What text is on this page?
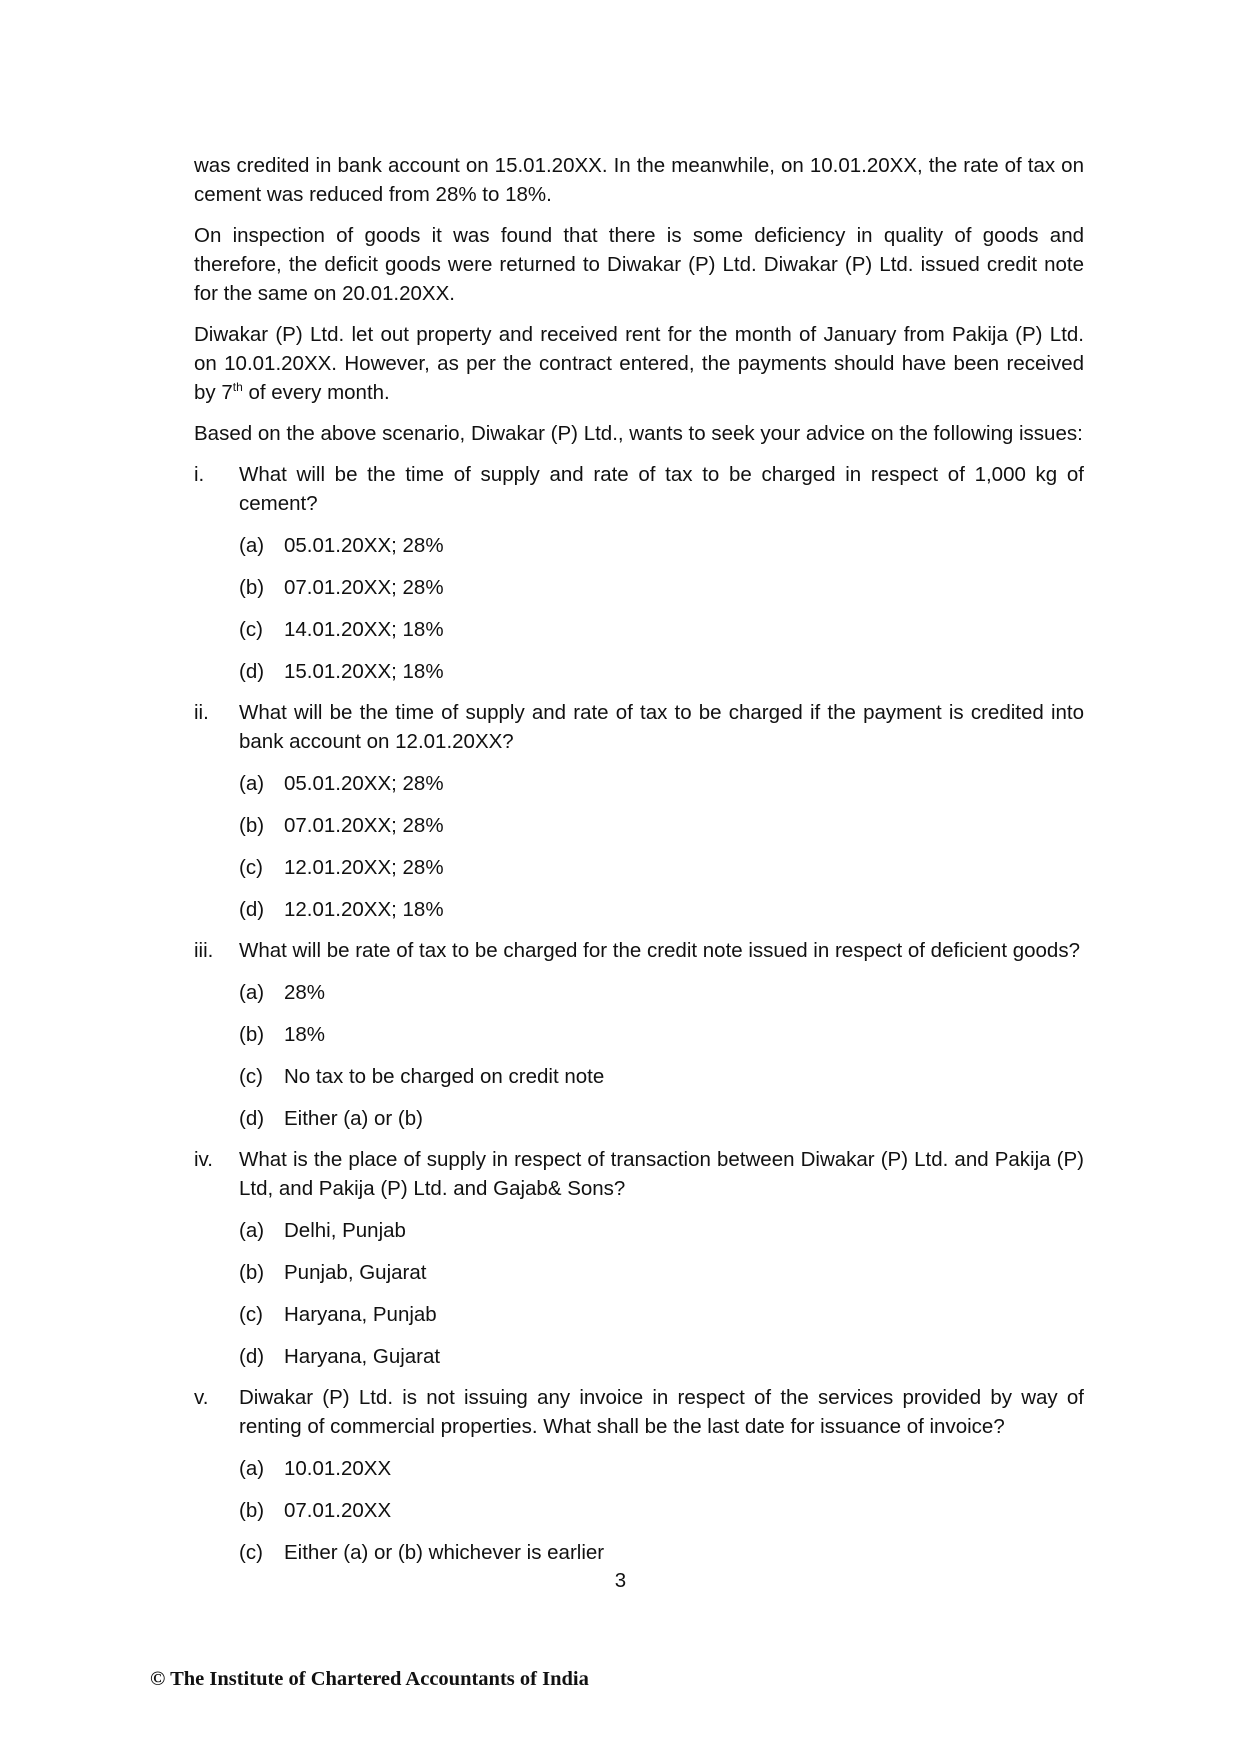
was credited in bank account on 15.01.20XX. In the meanwhile, on 10.01.20XX, the rate of tax on cement was reduced from 28% to 18%.

On inspection of goods it was found that there is some deficiency in quality of goods and therefore, the deficit goods were returned to Diwakar (P) Ltd. Diwakar (P) Ltd. issued credit note for the same on 20.01.20XX.

Diwakar (P) Ltd. let out property and received rent for the month of January from Pakija (P) Ltd. on 10.01.20XX. However, as per the contract entered, the payments should have been received by 7th of every month.

Based on the above scenario, Diwakar (P) Ltd., wants to seek your advice on the following issues:

i.	What will be the time of supply and rate of tax to be charged in respect of 1,000 kg of cement?
(a) 05.01.20XX; 28%
(b) 07.01.20XX; 28%
(c)	14.01.20XX; 18%
(d) 15.01.20XX; 18%
ii.	What will be the time of supply and rate of tax to be charged if the payment is credited into bank account on 12.01.20XX?
(a) 05.01.20XX; 28%
(b) 07.01.20XX; 28%
(c)	12.01.20XX; 28%
(d) 12.01.20XX; 18%
iii.	What will be rate of tax to be charged for the credit note issued in respect of deficient goods?
(a) 28%
(b) 18%
(c)	No tax to be charged on credit note
(d) Either (a) or (b)
iv.	What is the place of supply in respect of transaction between Diwakar (P) Ltd. and Pakija (P) Ltd, and Pakija (P) Ltd. and Gajab& Sons?
(a) Delhi, Punjab
(b) Punjab, Gujarat
(c)	Haryana, Punjab
(d) Haryana, Gujarat
v.	Diwakar (P) Ltd. is not issuing any invoice in respect of the services provided by way of renting of commercial properties. What shall be the last date for issuance of invoice?
(a) 10.01.20XX
(b) 07.01.20XX
(c)	Either (a) or (b) whichever is earlier
3
© The Institute of Chartered Accountants of India
